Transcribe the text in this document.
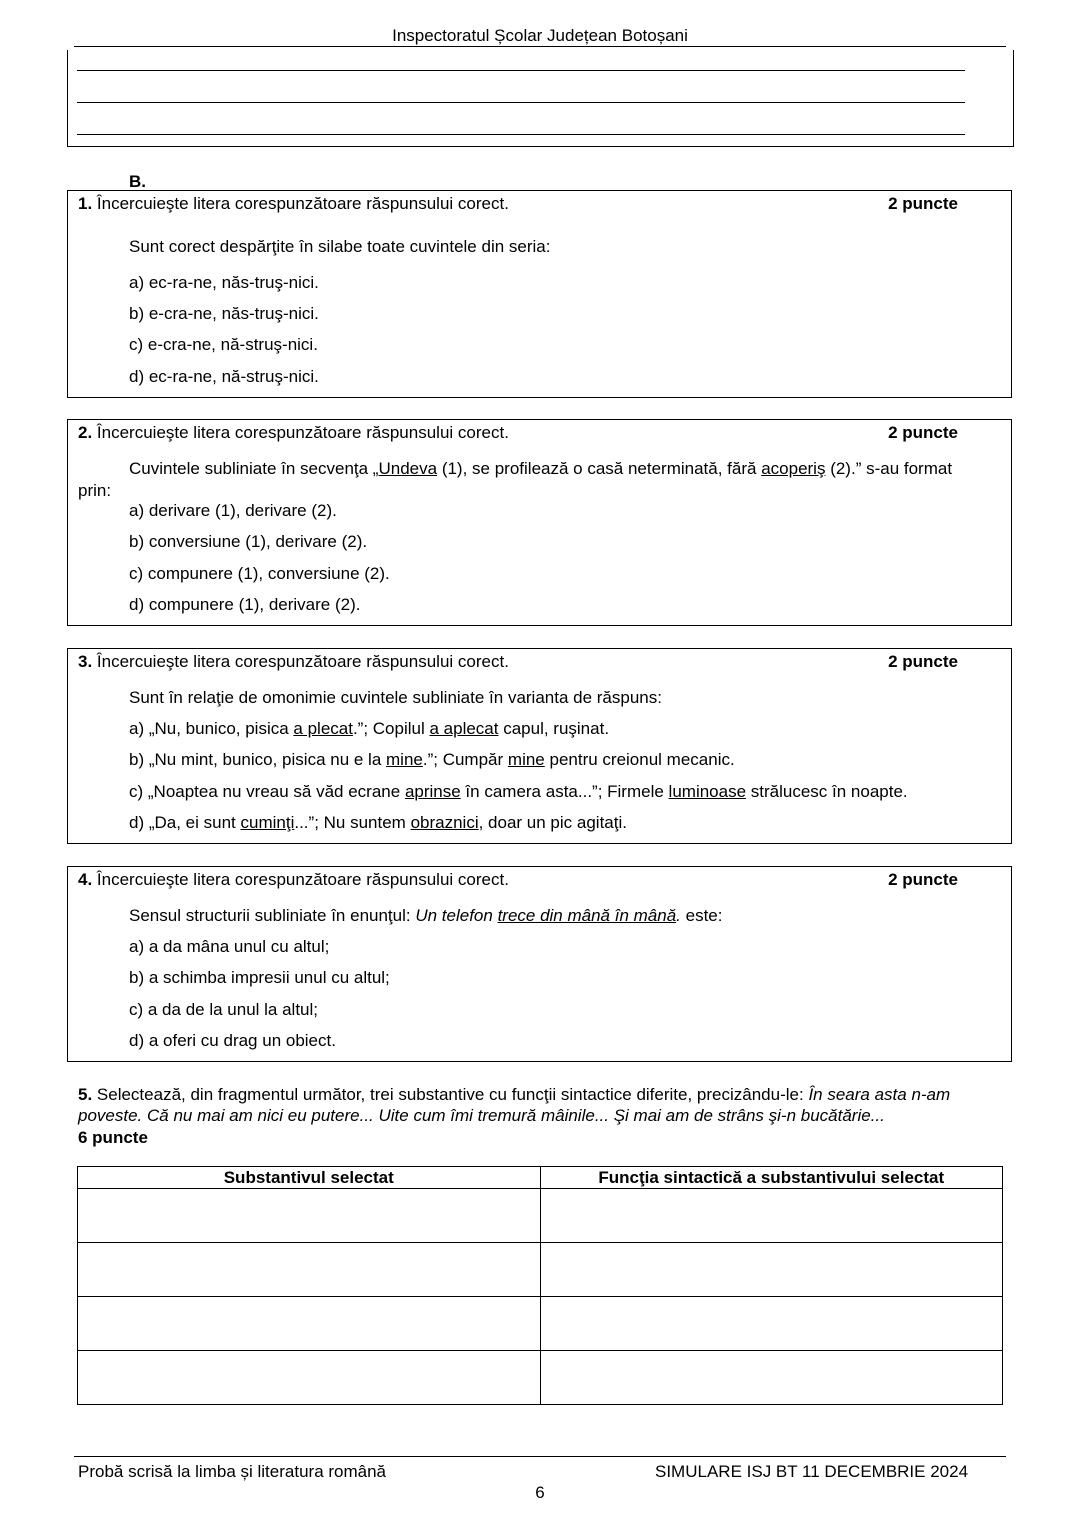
Inspectoratul Școlar Județean Botoșani
B.
1. Încercuieşte litera corespunzătoare răspunsului corect.	2 puncte
Sunt corect despărţite în silabe toate cuvintele din seria:
a) ec-ra-ne, năs-truş-nici.
b) e-cra-ne, năs-truş-nici.
c) e-cra-ne, nă-struş-nici.
d) ec-ra-ne, nă-struş-nici.
2. Încercuieşte litera corespunzătoare răspunsului corect.	2 puncte
Cuvintele subliniate în secvenţa „Undeva (1), se profilează o casă neterminată, fără acoperiş (2).” s-au format
prin:
a) derivare (1), derivare (2).
b) conversiune (1), derivare (2).
c) compunere (1), conversiune (2).
d) compunere (1), derivare (2).
3. Încercuieşte litera corespunzătoare răspunsului corect.	2 puncte
Sunt în relaţie de omonimie cuvintele subliniate în varianta de răspuns:
a) „Nu, bunico, pisica a plecat.”; Copilul a aplecat capul, ruşinat.
b) „Nu mint, bunico, pisica nu e la mine.”; Cumpăr mine pentru creionul mecanic.
c) „Noaptea nu vreau să văd ecrane aprinse în camera asta...”; Firmele luminoase strălucesc în noapte.
d) „Da, ei sunt cuminţi...”; Nu suntem obraznici, doar un pic agitaţi.
4. Încercuieşte litera corespunzătoare răspunsului corect.	2 puncte
Sensul structurii subliniate în enunţul: Un telefon trece din mână în mână. este:
a) a da mâna unul cu altul;
b) a schimba impresii unul cu altul;
c) a da de la unul la altul;
d) a oferi cu drag un obiect.
5. Selectează, din fragmentul următor, trei substantive cu funcţii sintactice diferite, precizându-le: În seara asta n-am poveste. Că nu mai am nici eu putere... Uite cum îmi tremură mâinile... Şi mai am de strâns şi-n bucătărie...
6 puncte
Substantivul selectat	Funcţia sintactică a substantivului selectat

Probă scrisă la limba și literatura română	SIMULARE ISJ BT 11 DECEMBRIE 2024
6
